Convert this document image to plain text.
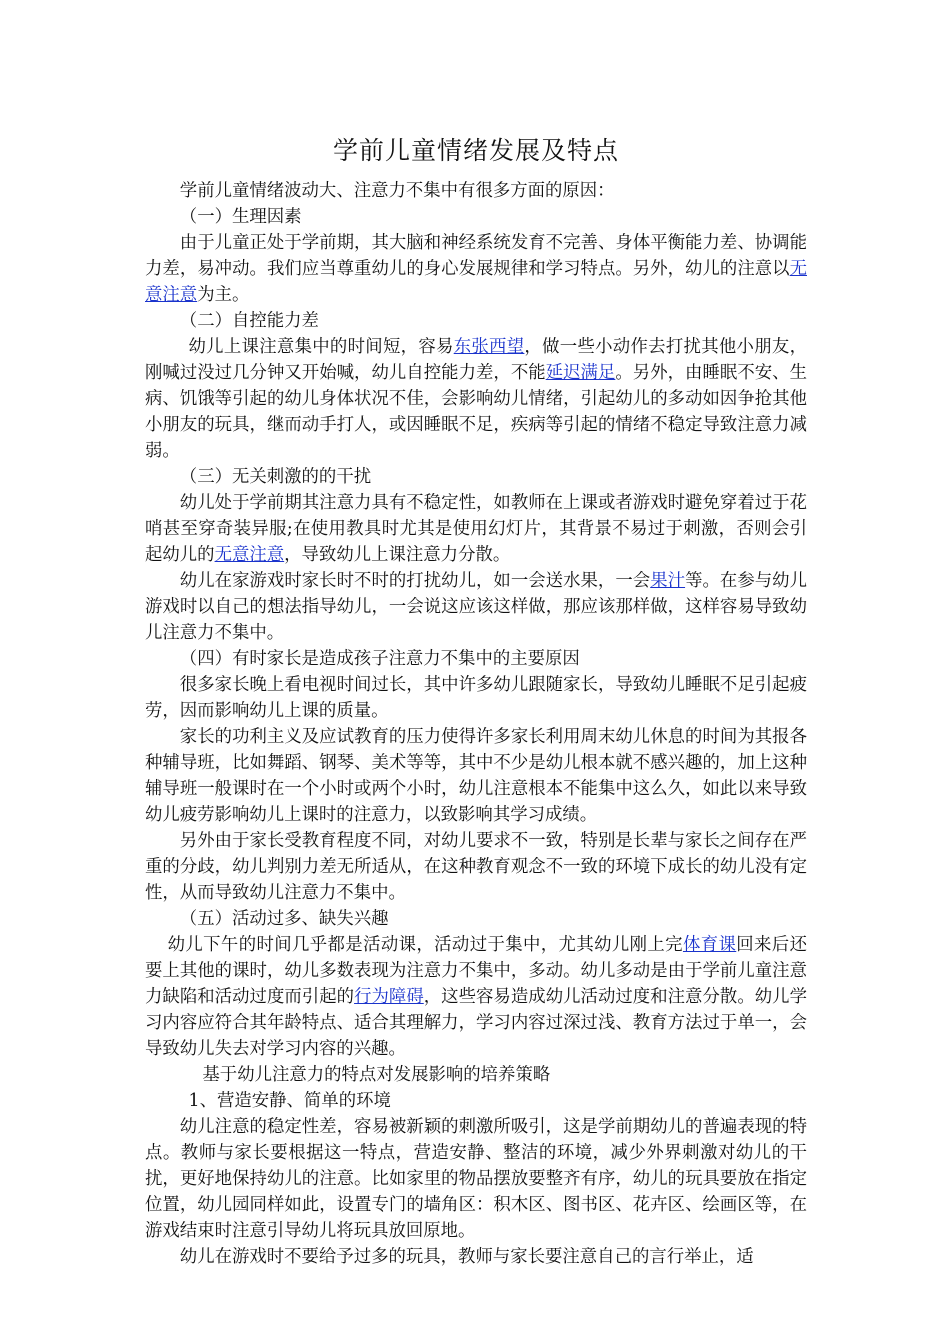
学前儿童情绪发展及特点

学前儿童情绪波动大、注意力不集中有很多方面的原因：

（一）生理因素

由于儿童正处于学前期，其大脑和神经系统发育不完善、身体平衡能力差、协调能力差，易冲动。我们应当尊重幼儿的身心发展规律和学习特点。另外，幼儿的注意以无意注意为主。

（二）自控能力差

幼儿上课注意集中的时间短，容易东张西望，做一些小动作去打扰其他小朋友，刚喊过没过几分钟又开始喊，幼儿自控能力差，不能延迟满足。另外，由睡眠不安、生病、饥饿等引起的幼儿身体状况不佳，会影响幼儿情绪，引起幼儿的多动如因争抢其他小朋友的玩具，继而动手打人，或因睡眠不足，疾病等引起的情绪不稳定导致注意力减弱。

（三）无关刺激的的干扰

幼儿处于学前期其注意力具有不稳定性，如教师在上课或者游戏时避免穿着过于花哨甚至穿奇装异服;在使用教具时尤其是使用幻灯片，其背景不易过于刺激，否则会引起幼儿的无意注意，导致幼儿上课注意力分散。

幼儿在家游戏时家长时不时的打扰幼儿，如一会送水果，一会果汁等。在参与幼儿游戏时以自己的想法指导幼儿，一会说这应该这样做，那应该那样做，这样容易导致幼儿注意力不集中。

（四）有时家长是造成孩子注意力不集中的主要原因

很多家长晚上看电视时间过长，其中许多幼儿跟随家长，导致幼儿睡眠不足引起疲劳，因而影响幼儿上课的质量。

家长的功利主义及应试教育的压力使得许多家长利用周末幼儿休息的时间为其报各种辅导班，比如舞蹈、钢琴、美术等等，其中不少是幼儿根本就不感兴趣的，加上这种辅导班一般课时在一个小时或两个小时，幼儿注意根本不能集中这么久，如此以来导致幼儿疲劳影响幼儿上课时的注意力，以致影响其学习成绩。

另外由于家长受教育程度不同，对幼儿要求不一致，特别是长辈与家长之间存在严重的分歧，幼儿判别力差无所适从，在这种教育观念不一致的环境下成长的幼儿没有定性，从而导致幼儿注意力不集中。

（五）活动过多、缺失兴趣

幼儿下午的时间几乎都是活动课，活动过于集中，尤其幼儿刚上完体育课回来后还要上其他的课时，幼儿多数表现为注意力不集中，多动。幼儿多动是由于学前儿童注意力缺陷和活动过度而引起的行为障碍，这些容易造成幼儿活动过度和注意分散。幼儿学习内容应符合其年龄特点、适合其理解力，学习内容过深过浅、教育方法过于单一，会导致幼儿失去对学习内容的兴趣。

基于幼儿注意力的特点对发展影响的培养策略

1、营造安静、简单的环境

幼儿注意的稳定性差，容易被新颖的刺激所吸引，这是学前期幼儿的普遍表现的特点。教师与家长要根据这一特点，营造安静、整洁的环境，减少外界刺激对幼儿的干扰，更好地保持幼儿的注意。比如家里的物品摆放要整齐有序，幼儿的玩具要放在指定位置，幼儿园同样如此，设置专门的墙角区：积木区、图书区、花卉区、绘画区等，在游戏结束时注意引导幼儿将玩具放回原地。

幼儿在游戏时不要给予过多的玩具，教师与家长要注意自己的言行举止，适
